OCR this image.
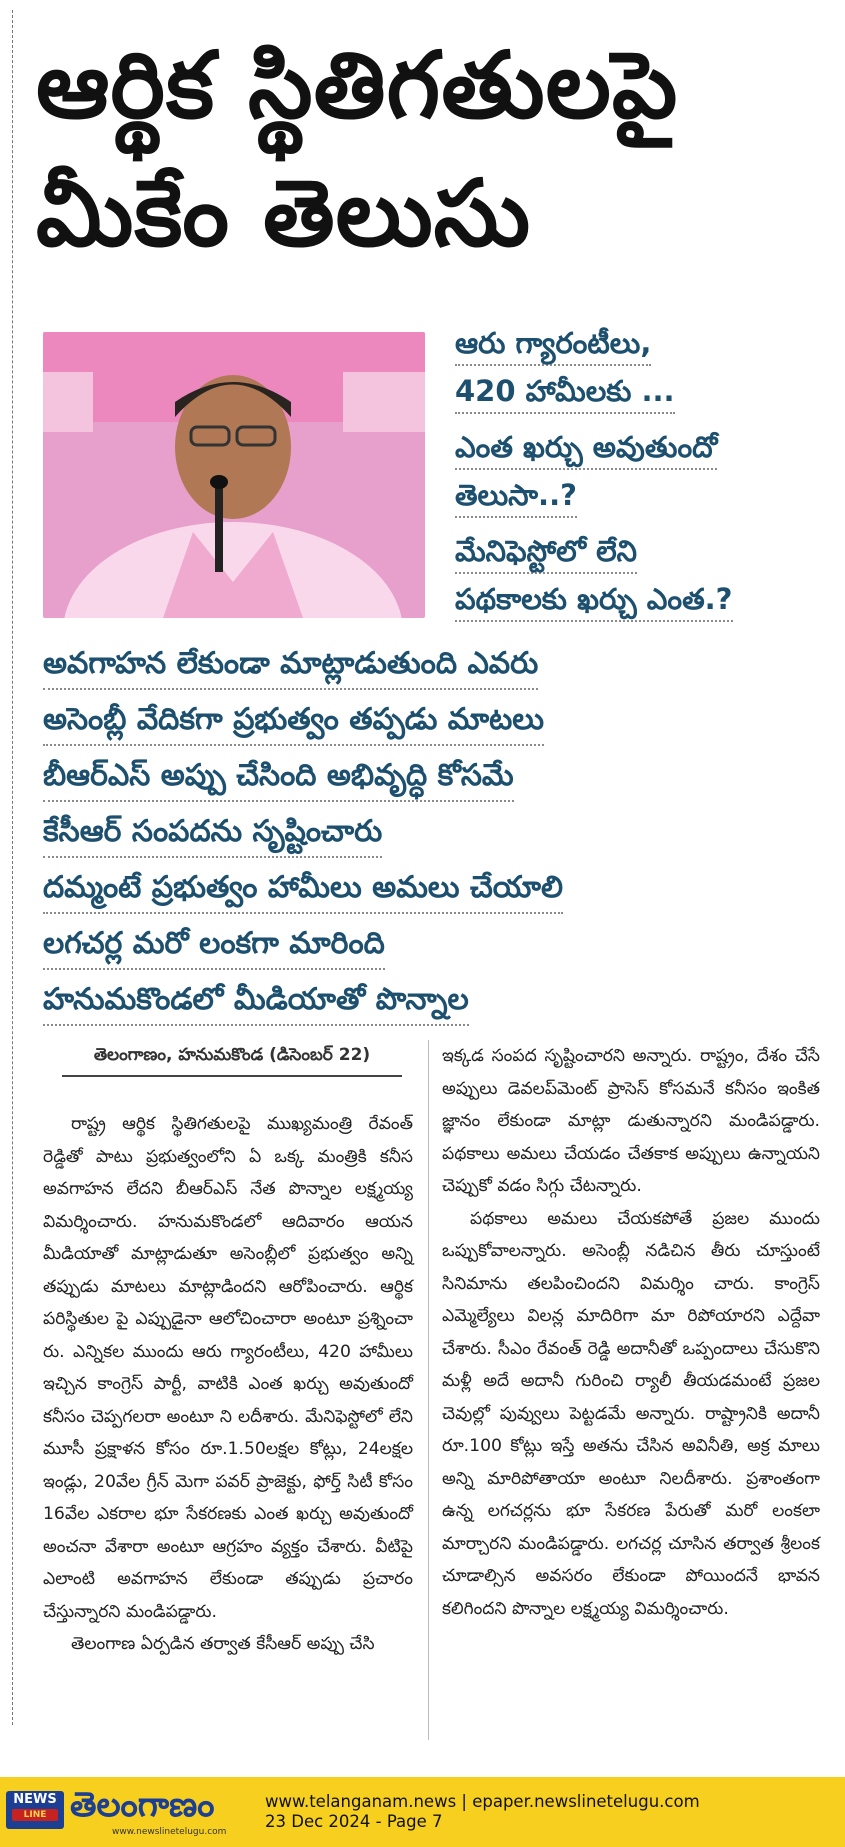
ఆర్థిక స్థితిగతులపై
మీకేం తెలుసు
ఆరు గ్యారంటీలు,
420 హామీలకు ...
ఎంత ఖర్చు అవుతుందో
తెలుసా..?
మేనిఫెస్టోలో లేని
పథకాలకు ఖర్చు ఎంత.?
అవగాహన లేకుండా మాట్లాడుతుంది ఎవరు
అసెంబ్లీ వేదికగా ప్రభుత్వం తప్పడు మాటలు
బీఆర్ఎస్ అప్పు చేసింది అభివృద్ధి కోసమే
కేసీఆర్ సంపదను సృష్టించారు
దమ్మంటే ప్రభుత్వం హామీలు అమలు చేయాలి
లగచర్ల మరో లంకగా మారింది
హనుమకొండలో మీడియాతో పొన్నాల
తెలంగాణం, హనుమకొండ (డిసెంబర్ 22)

రాష్ట్ర ఆర్థిక స్థితిగతులపై ముఖ్యమంత్రి రేవంత్ రెడ్డితో పాటు ప్రభుత్వంలోని ఏ ఒక్క మంత్రికి కనీస అవగాహన లేదని బీఆర్ఎస్ నేత పొన్నాల లక్ష్మయ్య విమర్శించారు. హనుమకొండలో ఆదివారం ఆయన మీడియాతో మాట్లాడుతూ అసెంబ్లీలో ప్రభుత్వం అన్ని తప్పుడు మాటలు మాట్లాడిందని ఆరోపించారు. ఆర్థిక పరిస్థితుల పై ఎప్పుడైనా ఆలోచించారా అంటూ ప్రశ్నించా రు. ఎన్నికల ముందు ఆరు గ్యారంటీలు, 420 హామీలు ఇచ్చిన కాంగ్రెస్ పార్టీ, వాటికి ఎంత ఖర్చు అవుతుందో కనీసం చెప్పగలరా అంటూ ని లదీశారు. మేనిఫెస్టోలో లేని మూసీ ప్రక్షాళన కోసం రూ.1.50లక్షల కోట్లు, 24లక్షల ఇండ్లు, 20వేల గ్రీన్ మెగా పవర్ ప్రాజెక్టు, ఫోర్త్ సిటీ కోసం 16వేల ఎకరాల భూ సేకరణకు ఎంత ఖర్చు అవుతుందో అంచనా వేశారా అంటూ ఆగ్రహం వ్యక్తం చేశారు. వీటిపై ఎలాంటి అవగాహన లేకుండా తప్పుడు ప్రచారం చేస్తున్నారని మండిపడ్డారు.

తెలంగాణ ఏర్పడిన తర్వాత కేసీఆర్ అప్పు చేసి

ఇక్కడ సంపద సృష్టించారని అన్నారు. రాష్ట్రం, దేశం చేసే అప్పులు డెవలప్‌మెంట్ ప్రాసెస్ కోసమనే కనీసం ఇంకిత జ్ఞానం లేకుండా మాట్లా డుతున్నారని మండిపడ్డారు. పథకాలు అమలు చేయడం చేతకాక అప్పులు ఉన్నాయని చెప్పుకో వడం సిగ్గు చేటన్నారు.

పథకాలు అమలు చేయకపోతే ప్రజల ముందు ఒప్పుకోవాలన్నారు. అసెంబ్లీ నడిచిన తీరు చూస్తుంటే సినిమాను తలపించిందని విమర్శిం చారు. కాంగ్రెస్ ఎమ్మెల్యేలు విలన్ల మాదిరిగా మా రిపోయారని ఎద్దేవా చేశారు. సీఎం రేవంత్ రెడ్డి అదానీతో ఒప్పందాలు చేసుకొని మళ్లీ అదే అదానీ గురించి ర్యాలీ తీయడమంటే ప్రజల చెవుల్లో పువ్వులు పెట్టడమే అన్నారు. రాష్ట్రానికి అదానీ రూ.100 కోట్లు ఇస్తే అతను చేసిన అవినీతి, అక్ర మాలు అన్ని మారిపోతాయా అంటూ నిలదీశారు. ప్రశాంతంగా ఉన్న లగచర్లను భూ సేకరణ పేరుతో మరో లంకలా మార్చారని మండిపడ్డారు. లగచర్ల చూసిన తర్వాత శ్రీలంక చూడాల్సిన అవసరం లేకుండా పోయిందనే భావన కలిగిందని పొన్నాల లక్ష్మయ్య విమర్శించారు.

NEWS
LINE తెలంగాణం
www.newslinetelugu.com
www.telanganam.news | epaper.newslinetelugu.com
23 Dec 2024 - Page 7
